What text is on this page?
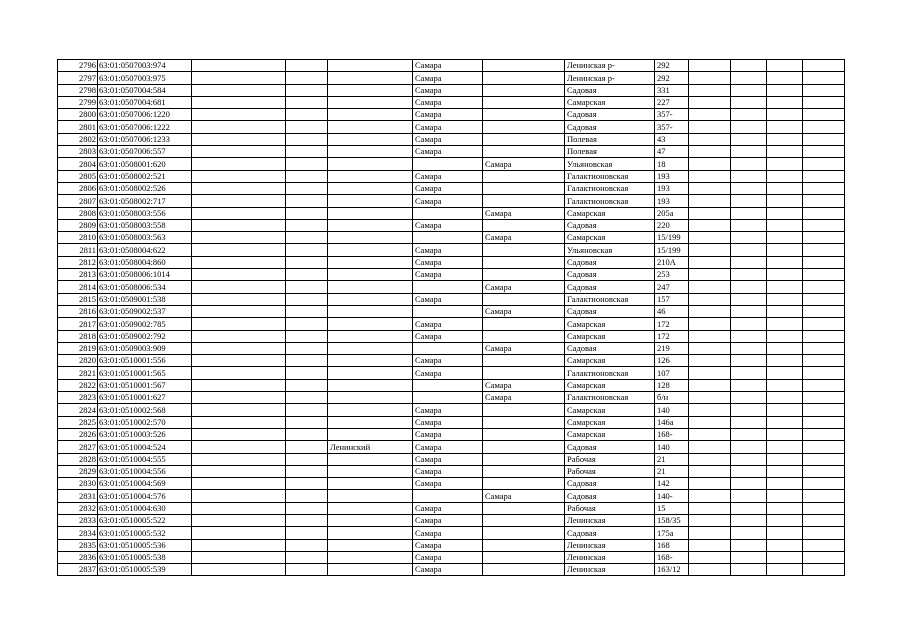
2796	63:01:0507003:974				Самара		Ленинская р-	292				
2797	63:01:0507003:975				Самара		Ленинская р-	292				
2798	63:01:0507004:584				Самара		Садовая	331				
2799	63:01:0507004:681				Самара		Самарская	227				
2800	63:01:0507006:1220				Самара		Садовая	357-				
2801	63:01:0507006:1222				Самара		Садовая	357-				
2802	63:01:0507006:1233				Самара		Полевая	43				
2803	63:01:0507006:557				Самара		Полевая	47				
2804	63:01:0508001:620					Самара	Ульяновская	18				
2805	63:01:0508002:521				Самара		Галактионовская	193				
2806	63:01:0508002:526				Самара		Галактионовская	193				
2807	63:01:0508002:717				Самара		Галактионовская	193				
2808	63:01:0508003:556					Самара	Самарская	205а				
2809	63:01:0508003:558				Самара		Садовая	220				
2810	63:01:0508003:563					Самара	Самарская	15/199				
2811	63:01:0508004:622				Самара		Ульяновская	15/199				
2812	63:01:0508004:860				Самара		Садовая	210А				
2813	63:01:0508006:1014				Самара		Садовая	253				
2814	63:01:0508006:534					Самара	Садовая	247				
2815	63:01:0509001:538				Самара		Галактионовская	157				
2816	63:01:0509002:537					Самара	Садовая	46				
2817	63:01:0509002:785				Самара		Самарская	172				
2818	63:01:0509002:792				Самара		Самарская	172				
2819	63:01:0509003:909					Самара	Садовая	219				
2820	63:01:0510001:556				Самара		Самарская	126				
2821	63:01:0510001:565				Самара		Галактионовская	107				
2822	63:01:0510001:567					Самара	Самарская	128				
2823	63:01:0510001:627					Самара	Галактионовская	б/н				
2824	63:01:0510002:568				Самара		Самарская	140				
2825	63:01:0510002:570				Самара		Самарская	146а				
2826	63:01:0510003:526				Самара		Самарская	168-				
2827	63:01:0510004:524			Ленинский	Самара		Садовая	140				
2828	63:01:0510004:555				Самара		Рабочая	21				
2829	63:01:0510004:556				Самара		Рабочая	21				
2830	63:01:0510004:569				Самара		Садовая	142				
2831	63:01:0510004:576					Самара	Садовая	140-				
2832	63:01:0510004:630				Самара		Рабочая	15				
2833	63:01:0510005:522				Самара		Ленинская	158/35				
2834	63:01:0510005:532				Самара		Садовая	175а				
2835	63:01:0510005:536				Самара		Ленинская	168				
2836	63:01:0510005:538				Самара		Ленинская	168-				
2837	63:01:0510005:539				Самара		Ленинская	163/12				
